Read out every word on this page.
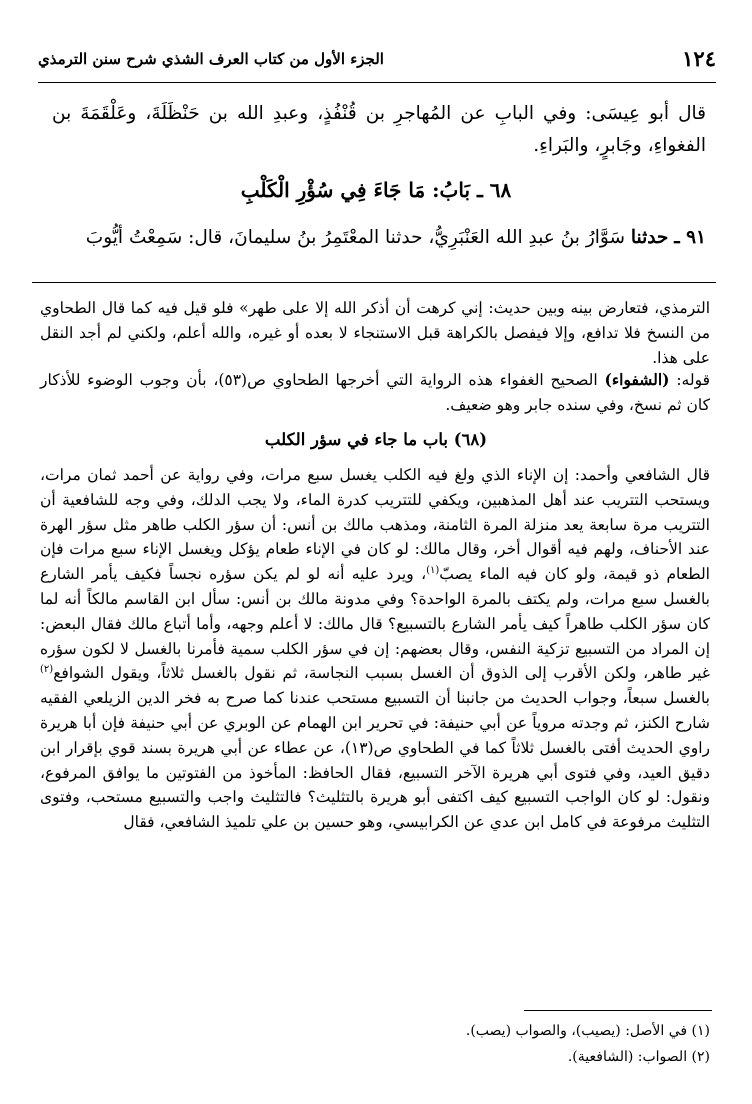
١٢٤
الجزء الأول من كتاب العرف الشذي شرح سنن الترمذي
قال أبو عِيسَى: وفي البابِ عن المُهاجرِ بن قُنْفُذٍ، وعبدِ الله بن حَنْظَلَةَ، وعَلْقَمَةَ بن الفغواءِ، وجَابرٍ، والبَراءِ.
٦٨ ـ بَابُ: مَا جَاءَ فِي سُؤْرِ الْكَلْبِ
٩١ ـ حدثنا سَوَّارُ بنُ عبدِ الله العَنْبَرِيُّ، حدثنا المعْتَمِرُ بنُ سليمانَ، قال: سَمِعْتُ أيُّوبَ
الترمذي، فتعارض بينه وبين حديث: إني كرهت أن أذكر الله إلا على طهر» فلو قيل فيه كما قال الطحاوي من النسخ فلا تدافع، وإلا فيفصل بالكراهة قبل الاستنجاء لا بعده أو غيره، والله أعلم، ولكني لم أجد النقل على هذا.
قوله: (الشفواء) الصحيح الغفواء هذه الرواية التي أخرجها الطحاوي ص(٥٣)، بأن وجوب الوضوء للأذكار كان ثم نسخ، وفي سنده جابر وهو ضعيف.
(٦٨) باب ما جاء في سؤر الكلب
قال الشافعي وأحمد: إن الإناء الذي ولغ فيه الكلب يغسل سبع مرات، وفي رواية عن أحمد ثمان مرات، ويستحب التتريب عند أهل المذهبين، ويكفي للتتريب كدرة الماء، ولا يجب الدلك، وفي وجه للشافعية أن التتريب مرة سابعة يعد منزلة المرة الثامنة، ومذهب مالك بن أنس: أن سؤر الكلب طاهر مثل سؤر الهرة عند الأحناف، ولهم فيه أقوال أخر، وقال مالك: لو كان في الإناء طعام يؤكل ويغسل الإناء سبع مرات فإن الطعام ذو قيمة، ولو كان فيه الماء يصبّ$^{(١)}$، ويرد عليه أنه لو لم يكن سؤره نجساً فكيف يأمر الشارع بالغسل سبع مرات، ولم يكتف بالمرة الواحدة؟ وفي مدونة مالك بن أنس: سأل ابن القاسم مالكاً أنه لما كان سؤر الكلب طاهراً كيف يأمر الشارع بالتسبيع؟ قال مالك: لا أعلم وجهه، وأما أتباع مالك فقال البعض: إن المراد من التسبيع تزكية النفس، وقال بعضهم: إن في سؤر الكلب سمية فأمرنا بالغسل لا لكون سؤره غير طاهر، ولكن الأقرب إلى الذوق أن الغسل بسبب النجاسة، ثم نقول بالغسل ثلاثاً، ويقول الشوافع$^{(٢)}$ بالغسل سبعاً، وجواب الحديث من جانبنا أن التسبيع مستحب عندنا كما صرح به فخر الدين الزيلعي الفقيه شارح الكنز، ثم وجدته مروياً عن أبي حنيفة: في تحرير ابن الهمام عن الوبري عن أبي حنيفة فإن أبا هريرة راوي الحديث أفتى بالغسل ثلاثاً كما في الطحاوي ص(١٣)، عن عطاء عن أبي هريرة بسند قوي بإقرار ابن دقيق العيد، وفي فتوى أبي هريرة الآخر التسبيع، فقال الحافظ: المأخوذ من الفتوتين ما يوافق المرفوع، ونقول: لو كان الواجب التسبيع كيف اكتفى أبو هريرة بالتثليث؟ فالتثليث واجب والتسبيع مستحب، وفتوى التثليث مرفوعة في كامل ابن عدي عن الكرابيسي، وهو حسين بن علي تلميذ الشافعي، فقال
(١) في الأصل: (يصيب)، والصواب (يصب).
(٢) الصواب: (الشافعية).
